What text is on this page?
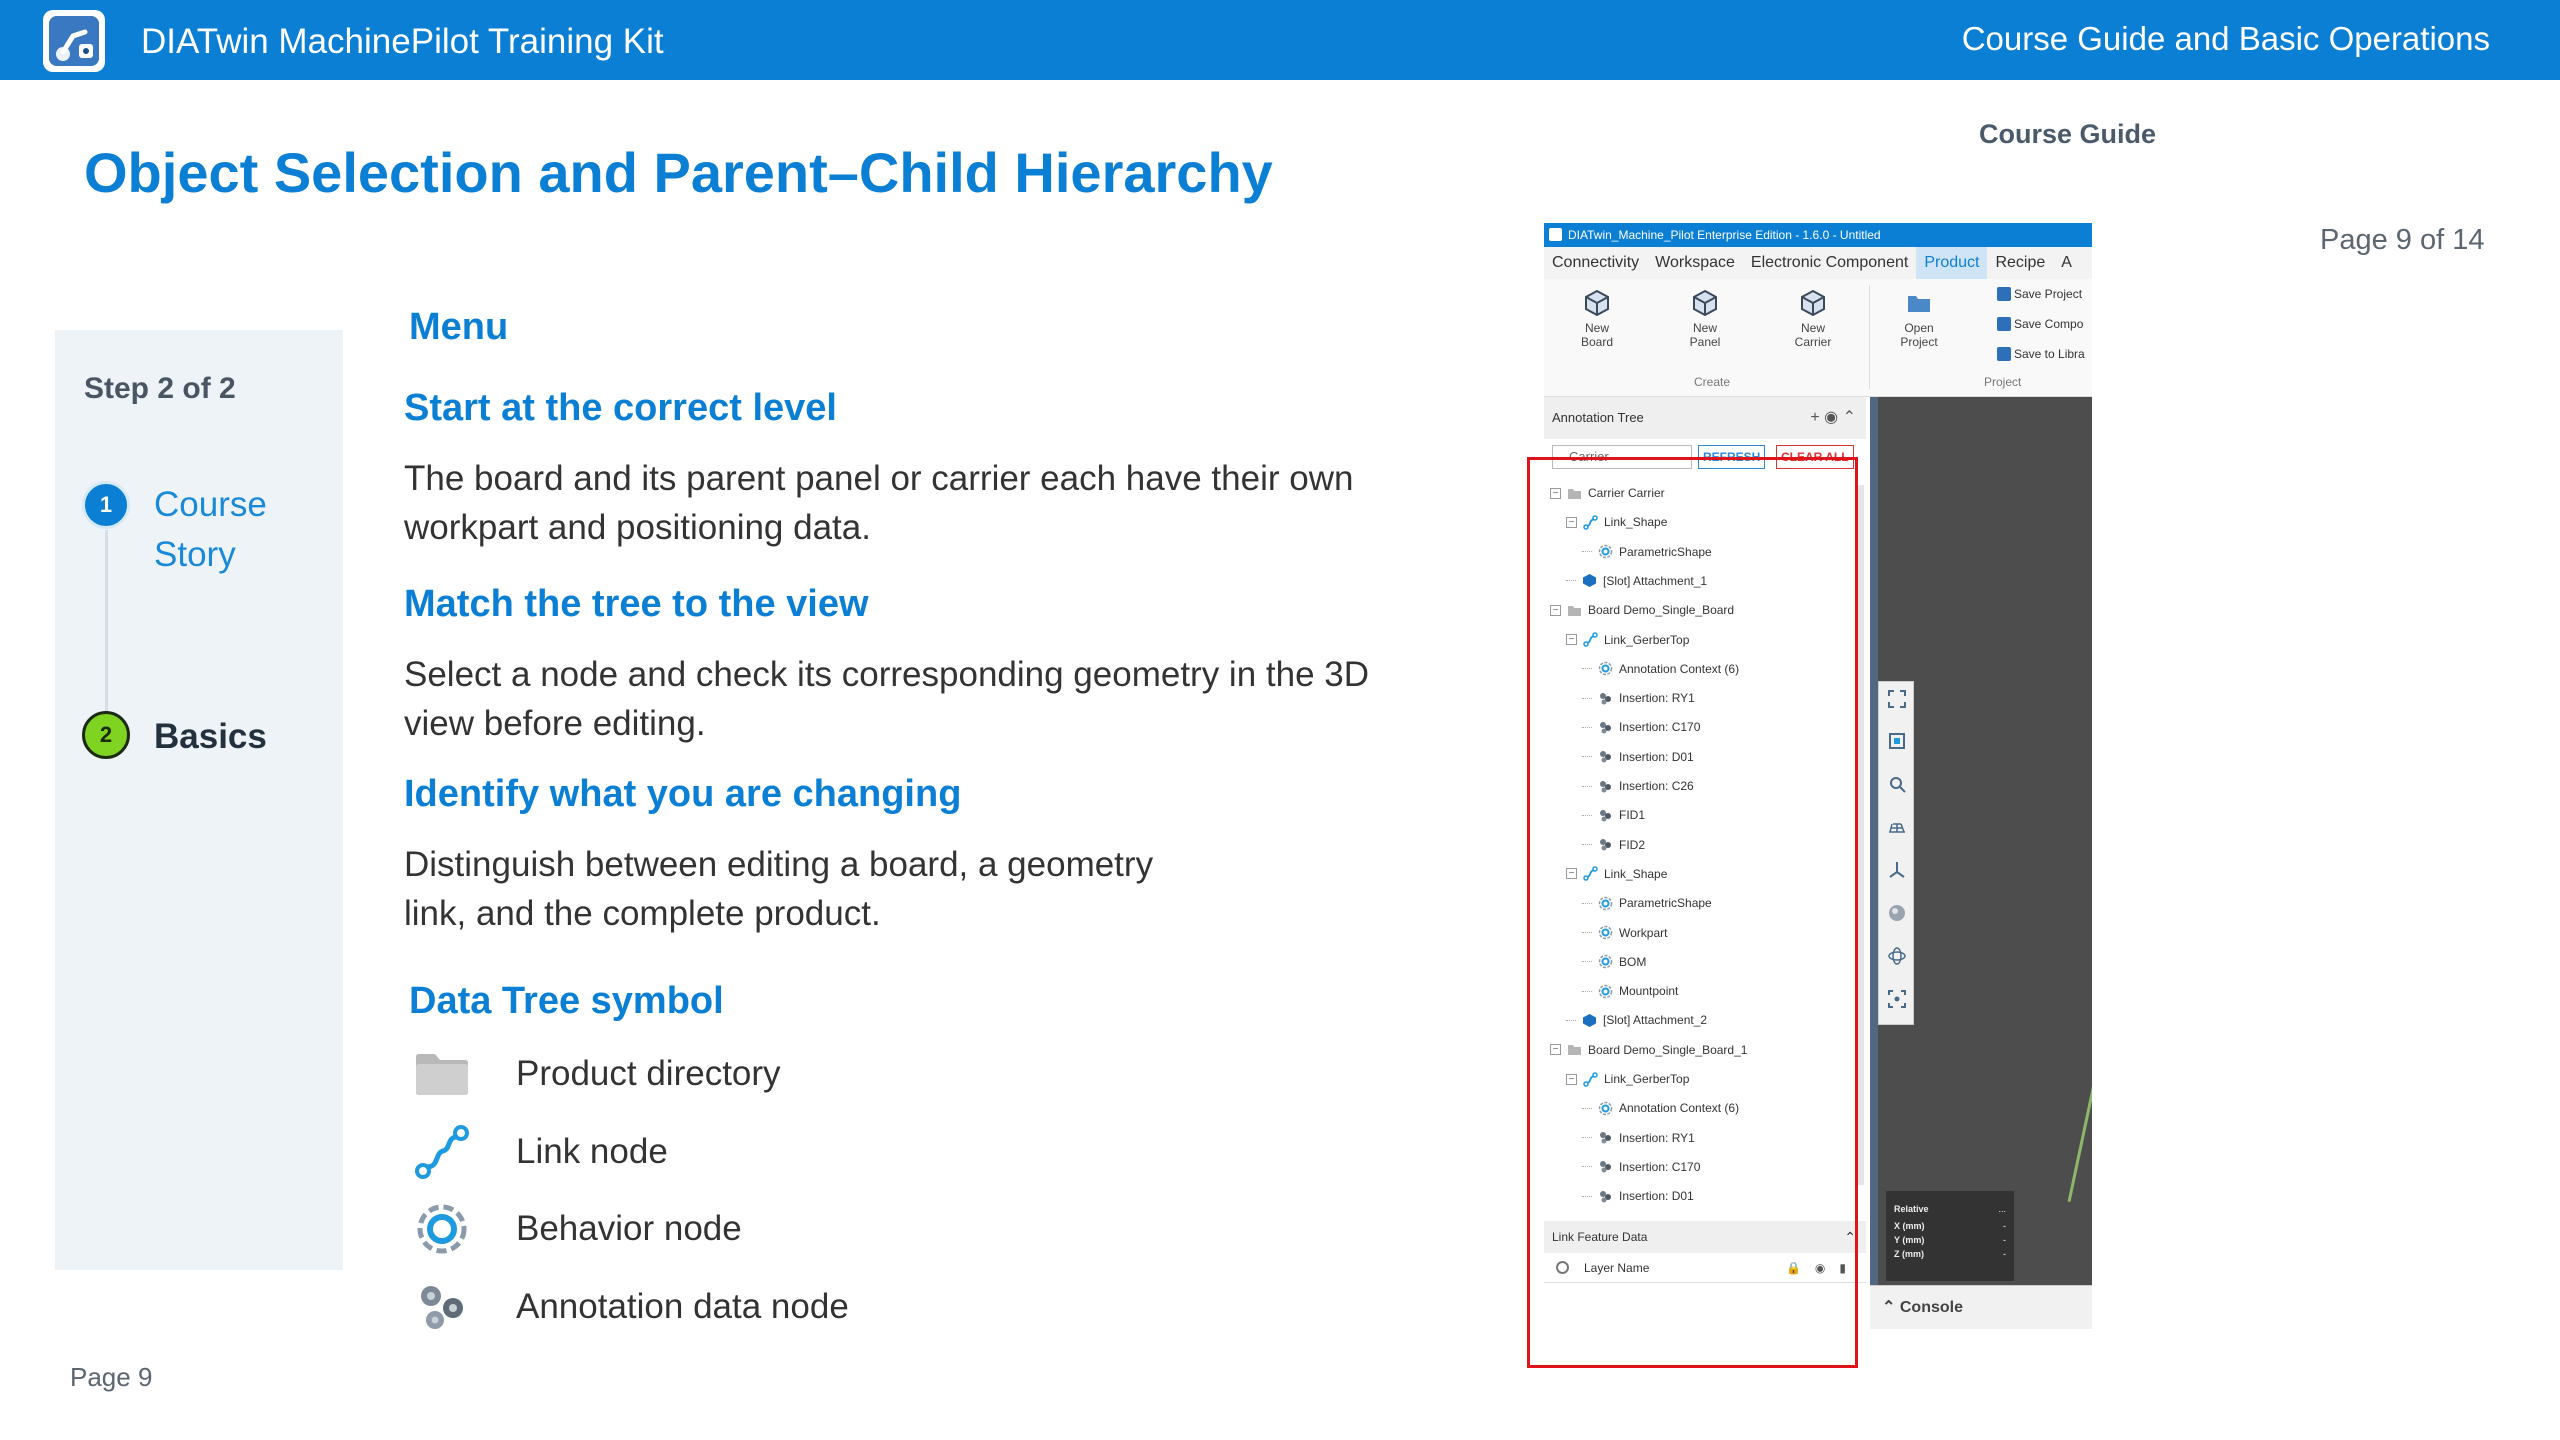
DIATwin MachinePilot Training Kit	Course Guide and Basic Operations
Course Guide
Object Selection and Parent–Child Hierarchy
Page 9 of 14
Step 2 of 2
1	Course
Story
2	Basics
Menu
Start at the correct level
The board and its parent panel or carrier each have their own
workpart and positioning data.
Match the tree to the view
Select a node and check its corresponding geometry in the 3D
view before editing.
Identify what you are changing
Distinguish between editing a board, a geometry
link, and the complete product.
Data Tree symbol
Product directory
Link node
Behavior node
Annotation data node
Page 9
DIATwin_Machine_Pilot Enterprise Edition - 1.6.0 - Untitled
Connectivity	Workspace	Electronic Component	Product	Recipe	A
New
Board
New
Panel
New
Carrier
Create
Open
Project
Save Project
Save Compo
Save to Libra
Project
Annotation Tree	+ ◉ ⌃
Carrier	REFRESH	CLEAR ALL
− Carrier Carrier
− Link_Shape
ParametricShape
[Slot] Attachment_1
− Board Demo_Single_Board
− Link_GerberTop
Annotation Context (6)
Insertion: RY1
Insertion: C170
Insertion: D01
Insertion: C26
FID1
FID2
− Link_Shape
ParametricShape
Workpart
BOM
Mountpoint
[Slot] Attachment_2
− Board Demo_Single_Board_1
− Link_GerberTop
Annotation Context (6)
Insertion: RY1
Insertion: C170
Insertion: D01
Link Feature Data	⌃
Layer Name	🔒◉▮
Relative	...
X (mm)	-
Y (mm)	-
Z (mm)	-
⌃ Console
